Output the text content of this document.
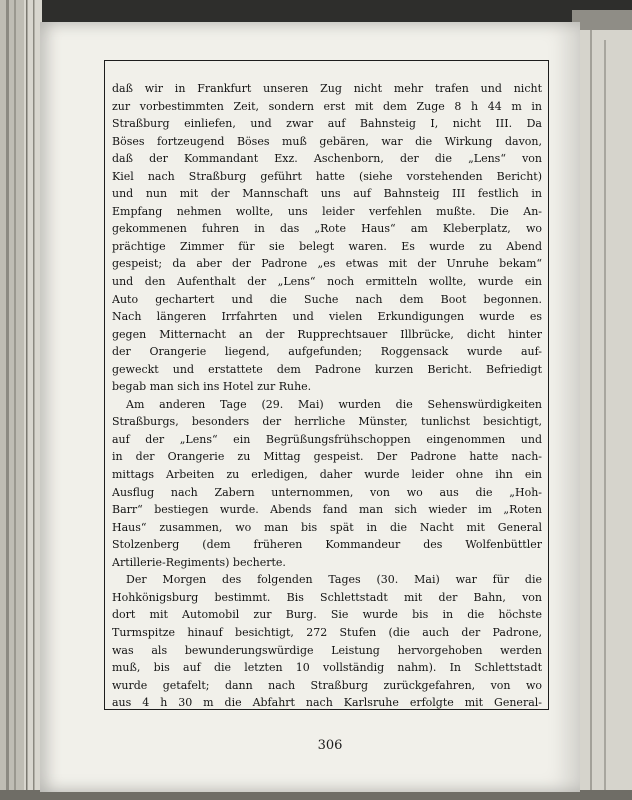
daß wir in Frankfurt unseren Zug nicht mehr trafen und nicht
zur vorbestimmten Zeit, sondern erst mit dem Zuge 8 h 44 m in
Straßburg einliefen, und zwar auf Bahnsteig I, nicht III. Da
Böses fortzeugend Böses muß gebären, war die Wirkung davon,
daß der Kommandant Exz. Aschenborn, der die „Lens“ von
Kiel nach Straßburg geführt hatte (siehe vorstehenden Bericht)
und nun mit der Mannschaft uns auf Bahnsteig III festlich in
Empfang nehmen wollte, uns leider verfehlen mußte. Die An-
gekommenen fuhren in das „Rote Haus“ am Kleberplatz, wo
prächtige Zimmer für sie belegt waren. Es wurde zu Abend
gespeist; da aber der Padrone „es etwas mit der Unruhe bekam“
und den Aufenthalt der „Lens“ noch ermitteln wollte, wurde ein
Auto gechartert und die Suche nach dem Boot begonnen.
Nach längeren Irrfahrten und vielen Erkundigungen wurde es
gegen Mitternacht an der Rupprechtsauer Illbrücke, dicht hinter
der Orangerie liegend, aufgefunden; Roggensack wurde auf-
geweckt und erstattete dem Padrone kurzen Bericht. Befriedigt
begab man sich ins Hotel zur Ruhe.
Am anderen Tage (29. Mai) wurden die Sehenswürdigkeiten
Straßburgs, besonders der herrliche Münster, tunlichst besichtigt,
auf der „Lens“ ein Begrüßungsfrühschoppen eingenommen und
in der Orangerie zu Mittag gespeist. Der Padrone hatte nach-
mittags Arbeiten zu erledigen, daher wurde leider ohne ihn ein
Ausflug nach Zabern unternommen, von wo aus die „Hoh-
Barr“ bestiegen wurde. Abends fand man sich wieder im „Roten
Haus“ zusammen, wo man bis spät in die Nacht mit General
Stolzenberg (dem früheren Kommandeur des Wolfenbüttler
Artillerie-Regiments) becherte.
Der Morgen des folgenden Tages (30. Mai) war für die
Hohkönigsburg bestimmt. Bis Schlettstadt mit der Bahn, von
dort mit Automobil zur Burg. Sie wurde bis in die höchste
Turmspitze hinauf besichtigt, 272 Stufen (die auch der Padrone,
was als bewunderungswürdige Leistung hervorgehoben werden
muß, bis auf die letzten 10 vollständig nahm). In Schlettstadt
wurde getafelt; dann nach Straßburg zurückgefahren, von wo
aus 4 h 30 m die Abfahrt nach Karlsruhe erfolgte mit General-
306
